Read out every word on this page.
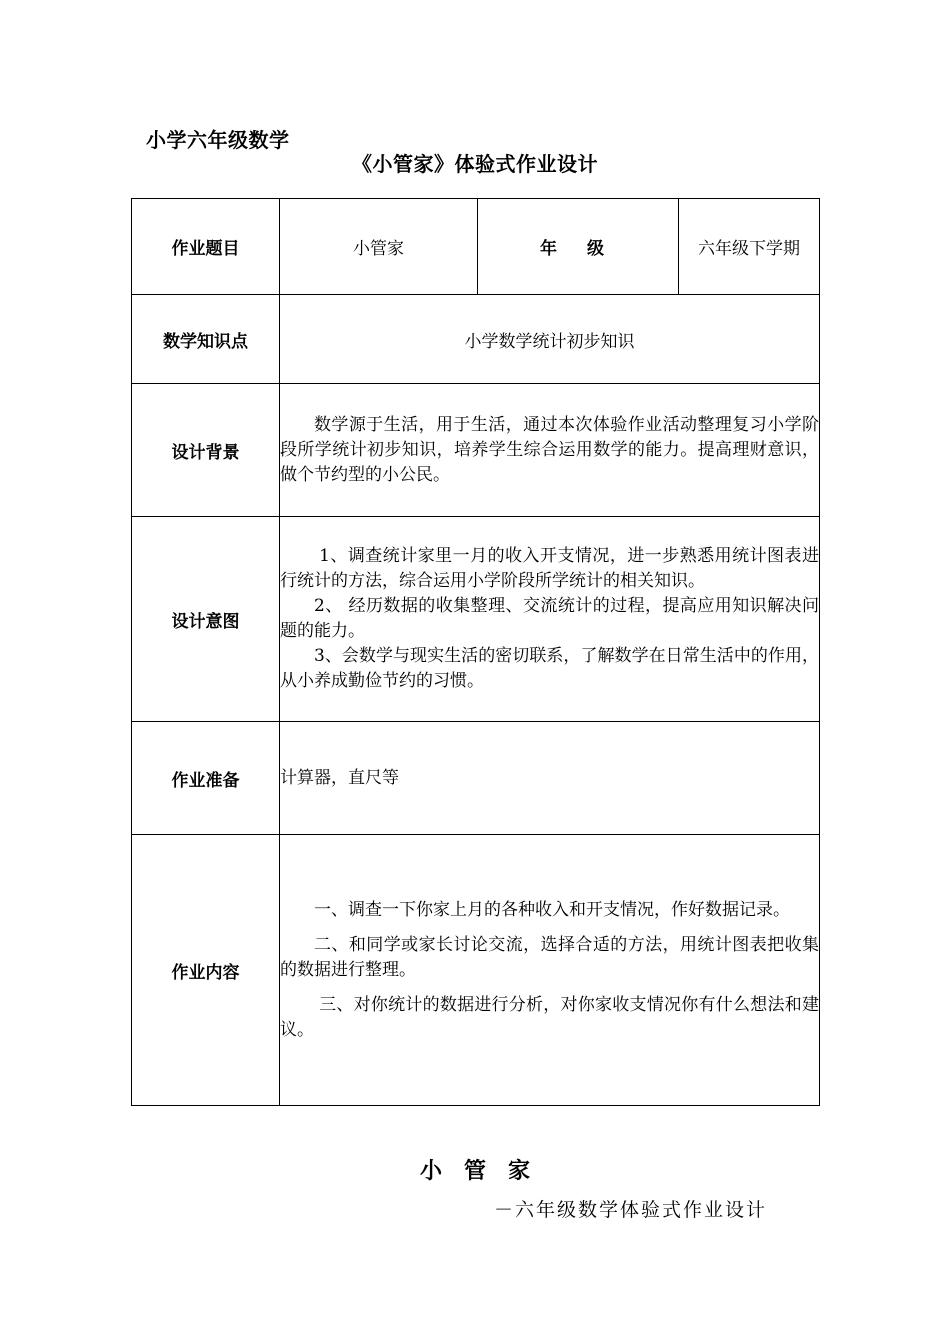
小学六年级数学
《小管家》体验式作业设计
作业题目	小管家	年 级	六年级下学期
数学知识点	小学数学统计初步知识		
设计背景	数学源于生活，用于生活，通过本次体验作业活动整理复习小学阶段所学统计初步知识，培养学生综合运用数学的能力。提高理财意识，做个节约型的小公民。		

设计意图	1、调查统计家里一月的收入开支情况，进一步熟悉用统计图表进行统计的方法，综合运用小学阶段所学统计的相关知识。

2、 经历数据的收集整理、交流统计的过程，提高应用知识解决问题的能力。

3、会数学与现实生活的密切联系，了解数学在日常生活中的作用，从小养成勤俭节约的习惯。		

作业准备	计算器，直尺等		
作业内容	一、调查一下你家上月的各种收入和开支情况，作好数据记录。

二、和同学或家长讨论交流，选择合适的方法，用统计图表把收集的数据进行整理。

三、对你统计的数据进行分析，对你家收支情况你有什么想法和建议。		

小管家
－六年级数学体验式作业设计
